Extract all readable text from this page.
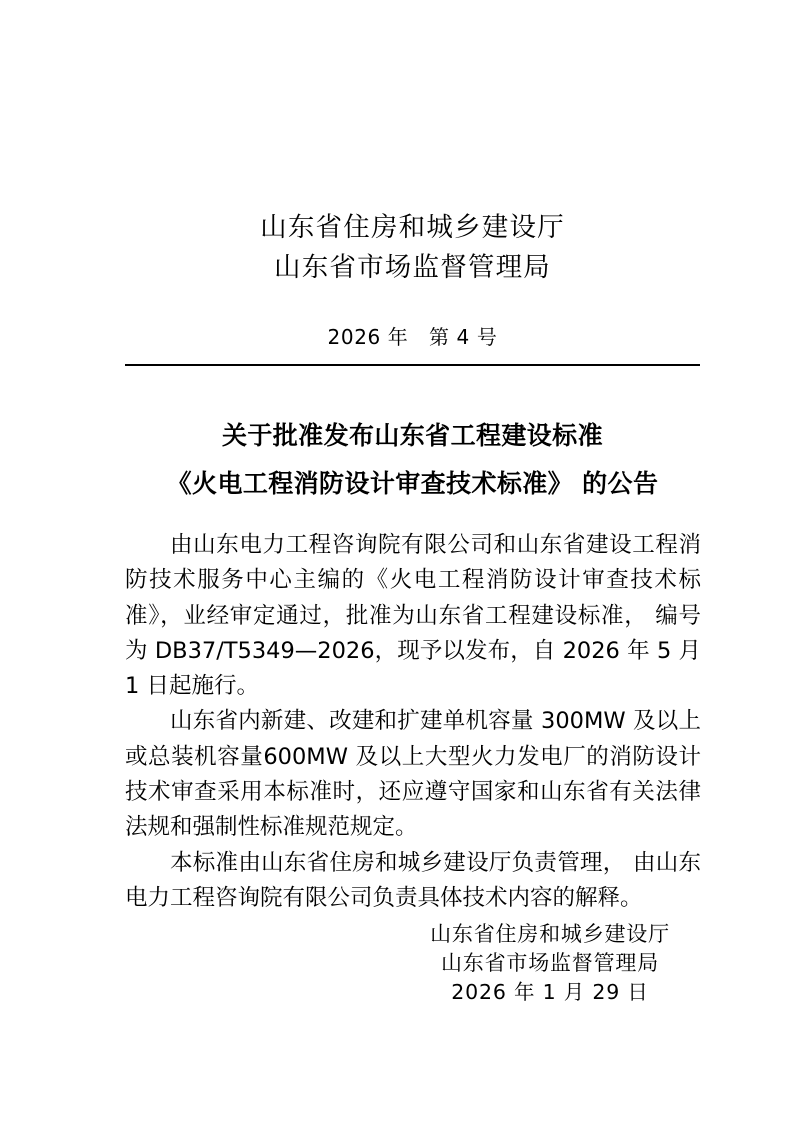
山东省住房和城乡建设厅
山东省市场监督管理局
2026 年　第 4 号
关于批准发布山东省工程建设标准
《火电工程消防设计审查技术标准》 的公告

由山东电力工程咨询院有限公司和山东省建设工程消防技术服务中心主编的《火电工程消防设计审查技术标准》，业经审定通过，批准为山东省工程建设标准， 编号为 DB37/T5349—2026，现予以发布，自 2026 年 5 月 1 日起施行。

山东省内新建、改建和扩建单机容量 300MW 及以上或总装机容量600MW 及以上大型火力发电厂的消防设计技术审查采用本标准时，还应遵守国家和山东省有关法律法规和强制性标准规范规定。

本标准由山东省住房和城乡建设厅负责管理， 由山东电力工程咨询院有限公司负责具体技术内容的解释。

山东省住房和城乡建设厅
山东省市场监督管理局
2026 年 1 月 29 日
